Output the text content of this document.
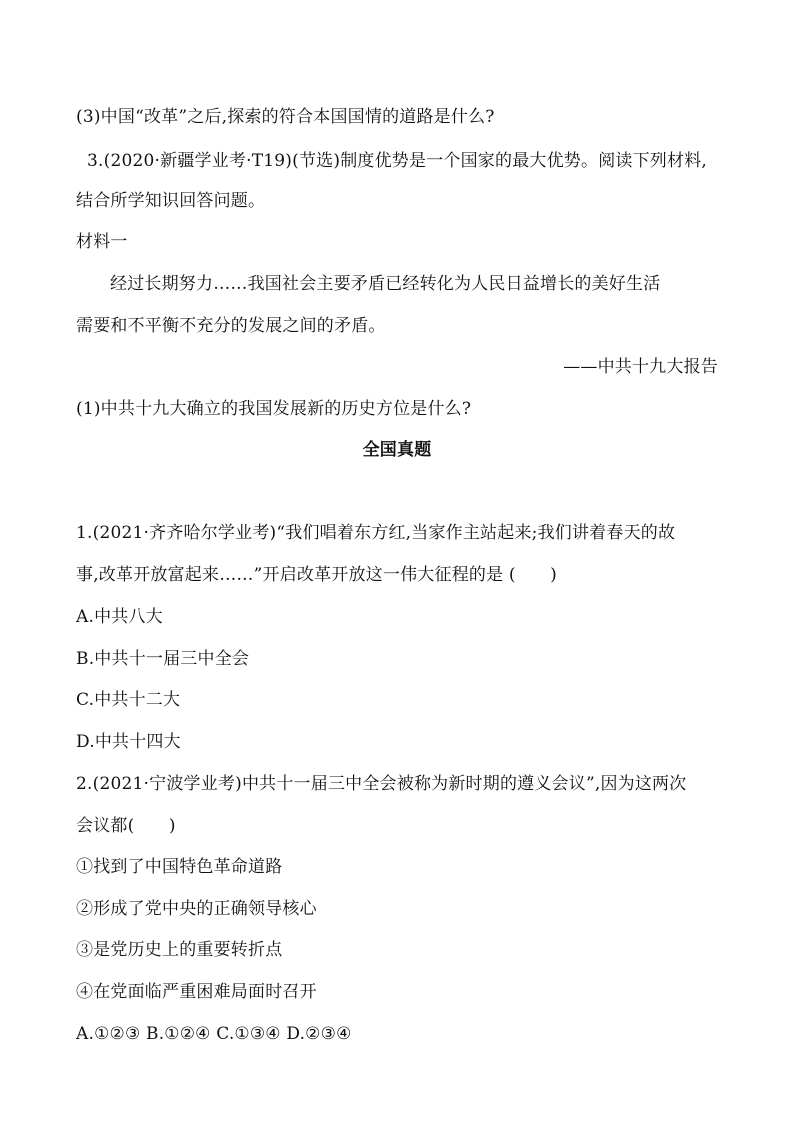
(3)中国“改革”之后,探索的符合本国国情的道路是什么?
3.(2020·新疆学业考·T19)(节选)制度优势是一个国家的最大优势。阅读下列材料,
结合所学知识回答问题。
材料一
经过长期努力……我国社会主要矛盾已经转化为人民日益增长的美好生活
需要和不平衡不充分的发展之间的矛盾。
——中共十九大报告
(1)中共十九大确立的我国发展新的历史方位是什么?
全国真题
1.(2021·齐齐哈尔学业考)“我们唱着东方红,当家作主站起来;我们讲着春天的故
事,改革开放富起来……”开启改革开放这一伟大征程的是 (　　)
A.中共八大
B.中共十一届三中全会
C.中共十二大
D.中共十四大
2.(2021·宁波学业考)中共十一届三中全会被称为新时期的遵义会议”,因为这两次
会议都(　　)
①找到了中国特色革命道路
②形成了党中央的正确领导核心
③是党历史上的重要转折点
④在党面临严重困难局面时召开
A.①②③ B.①②④ C.①③④ D.②③④
